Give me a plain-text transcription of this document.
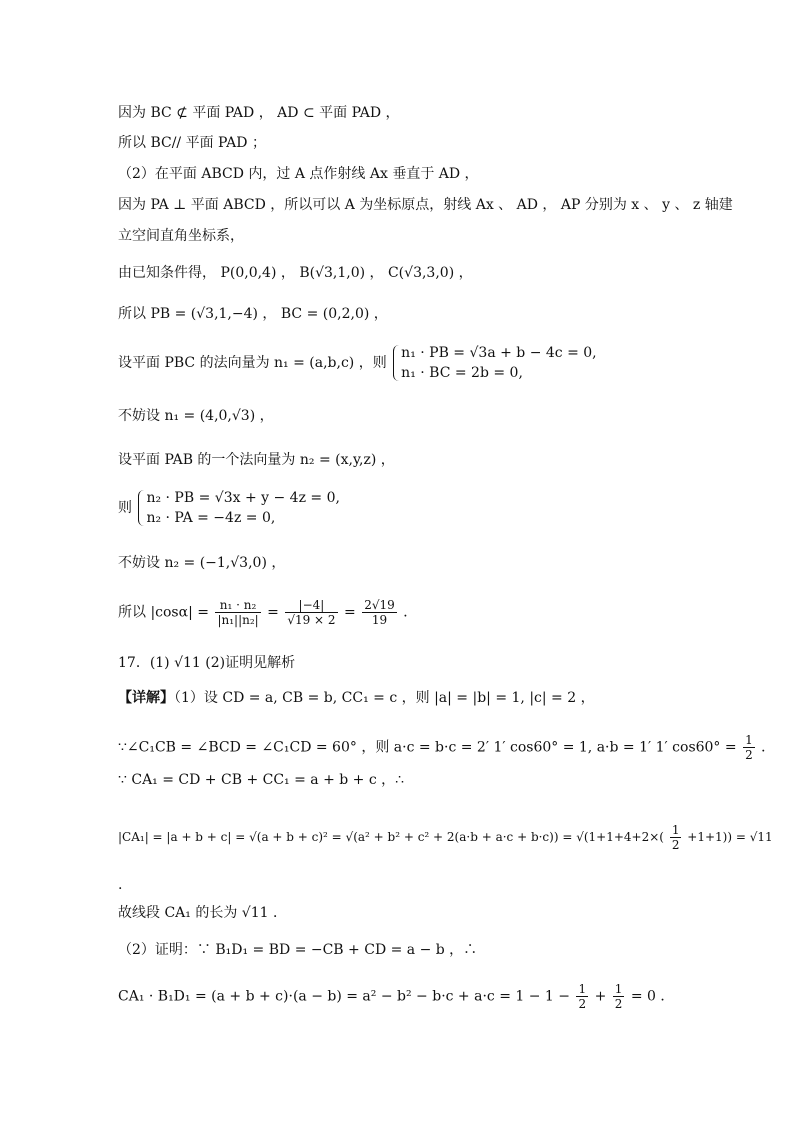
因为 BC ⊄ 平面 PAD ， AD ⊂ 平面 PAD ，
所以 BC// 平面 PAD ；
（2）在平面 ABCD 内，过 A 点作射线 Ax 垂直于 AD ，
因为 PA ⊥ 平面 ABCD ，所以可以 A 为坐标原点，射线 Ax 、 AD ， AP 分别为 x 、 y 、 z 轴建
立空间直角坐标系，
由已知条件得， P(0,0,4) ， B(√3,1,0) ， C(√3,3,0) ，
所以 PB = (√3,1,−4) ， BC = (0,2,0) ，
设平面 PBC 的法向量为 n₁ = (a,b,c) ，则
n₁ · PB = √3a + b − 4c = 0,
n₁ · BC = 2b = 0,
不妨设 n₁ = (4,0,√3) ，
设平面 PAB 的一个法向量为 n₂ = (x,y,z) ，
则
n₂ · PB = √3x + y − 4z = 0,
n₂ · PA = −4z = 0,
不妨设 n₂ = (−1,√3,0) ，
所以 $|\cos\alpha| = \frac{\text{n₁ · n₂}}{\text{|n₁||n₂|}} = \frac{|-4|}{√19 \times 2} = \frac{2√19}{19}$ ．
17．(1) √11 (2)证明见解析
【详解】（1）设 CD = a, CB = b, CC₁ = c ，则 |a| = |b| = 1, |c| = 2 ，
∵∠C₁CB = ∠BCD = ∠C₁CD = 60° ，则 a·c = b·c = 2′ 1′ cos60° = 1, a·b = 1′ 1′ $\cos 60^\circ = \frac{1}{2}$ ．
∵ CA₁ = CD + CB + CC₁ = a + b + c ，∴
$|CA_1| = |a + b + c| = √(a + b + c)^2 = √(a^2 + b^2 + c^2 + 2(a\cdot b + a\cdot c + b\cdot c)) = √(1+1+4+2\times( \frac{1}{2} +1+1)) = √11$
.
故线段 CA₁ 的长为 √11 ．
（2）证明：∵ B₁D₁ = BD = −CB + CD = a − b ，∴
$CA_1 \cdot B_1D_1 = (a + b + c)\cdot(a - b) = a^2 - b^2 - b\cdot c + a\cdot c = 1 - 1 - \frac{1}{2} + \frac{1}{2} = 0$ ．
